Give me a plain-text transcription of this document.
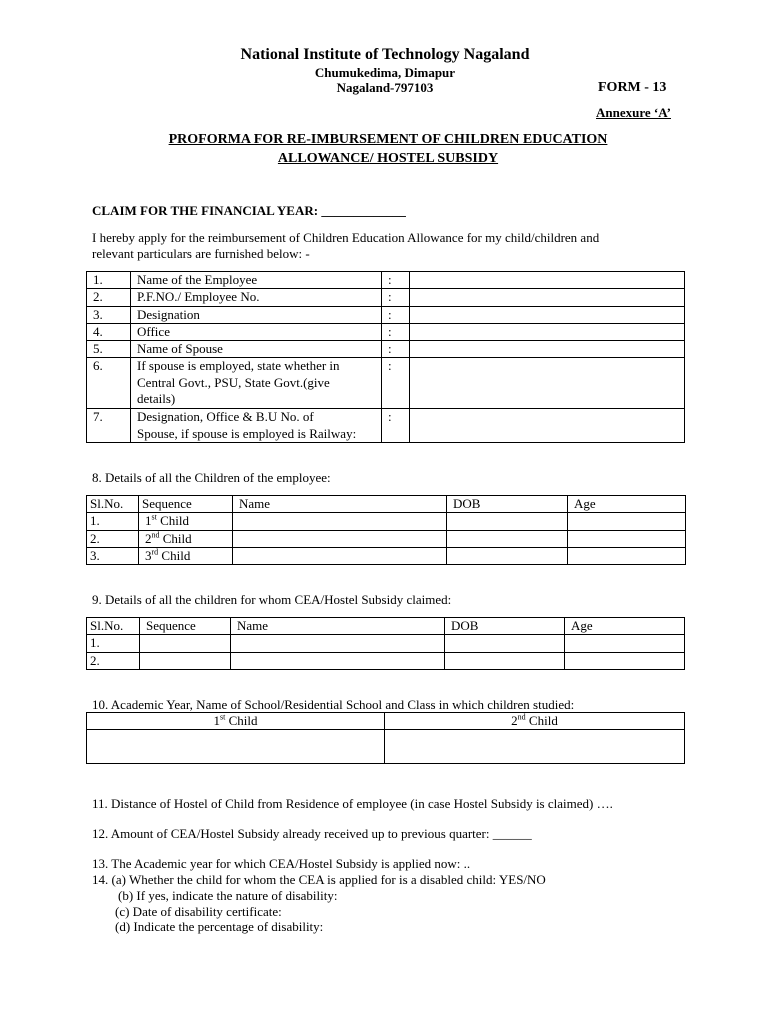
National Institute of Technology Nagaland
Chumukedima, Dimapur
Nagaland-797103	FORM - 13
Annexure ‘A’
PROFORMA FOR RE-IMBURSEMENT OF CHILDREN EDUCATION
ALLOWANCE/ HOSTEL SUBSIDY
CLAIM FOR THE FINANCIAL YEAR: _____________
I hereby apply for the reimbursement of Children Education Allowance for my child/children and
relevant particulars are furnished below: -
1.	Name of the Employee	:	
2.	P.F.NO./ Employee No.	:	
3.	Designation	:	
4.	Office	:	
5.	Name of Spouse	:	
6.	If spouse is employed, state whether in
Central Govt., PSU, State Govt.(give
details)	:	
7.	Designation, Office & B.U No. of
Spouse, if spouse is employed is Railway:	:	
8. Details of all the Children of the employee:
Sl.No.	Sequence	Name	DOB	Age
1.	1st Child			
2.	2nd Child			
3.	3rd Child			
9. Details of all the children for whom CEA/Hostel Subsidy claimed:
Sl.No.	Sequence	Name	DOB	Age
1.				
2.				
10. Academic Year, Name of School/Residential School and Class in which children studied:
1st Child	2nd Child

11. Distance of Hostel of Child from Residence of employee (in case Hostel Subsidy is claimed) ….
12. Amount of CEA/Hostel Subsidy already received up to previous quarter: ______
13. The Academic year for which CEA/Hostel Subsidy is applied now: ..
14. (a) Whether the child for whom the CEA is applied for is a disabled child: YES/NO
(b) If yes, indicate the nature of disability:
(c) Date of disability certificate:
(d) Indicate the percentage of disability:
